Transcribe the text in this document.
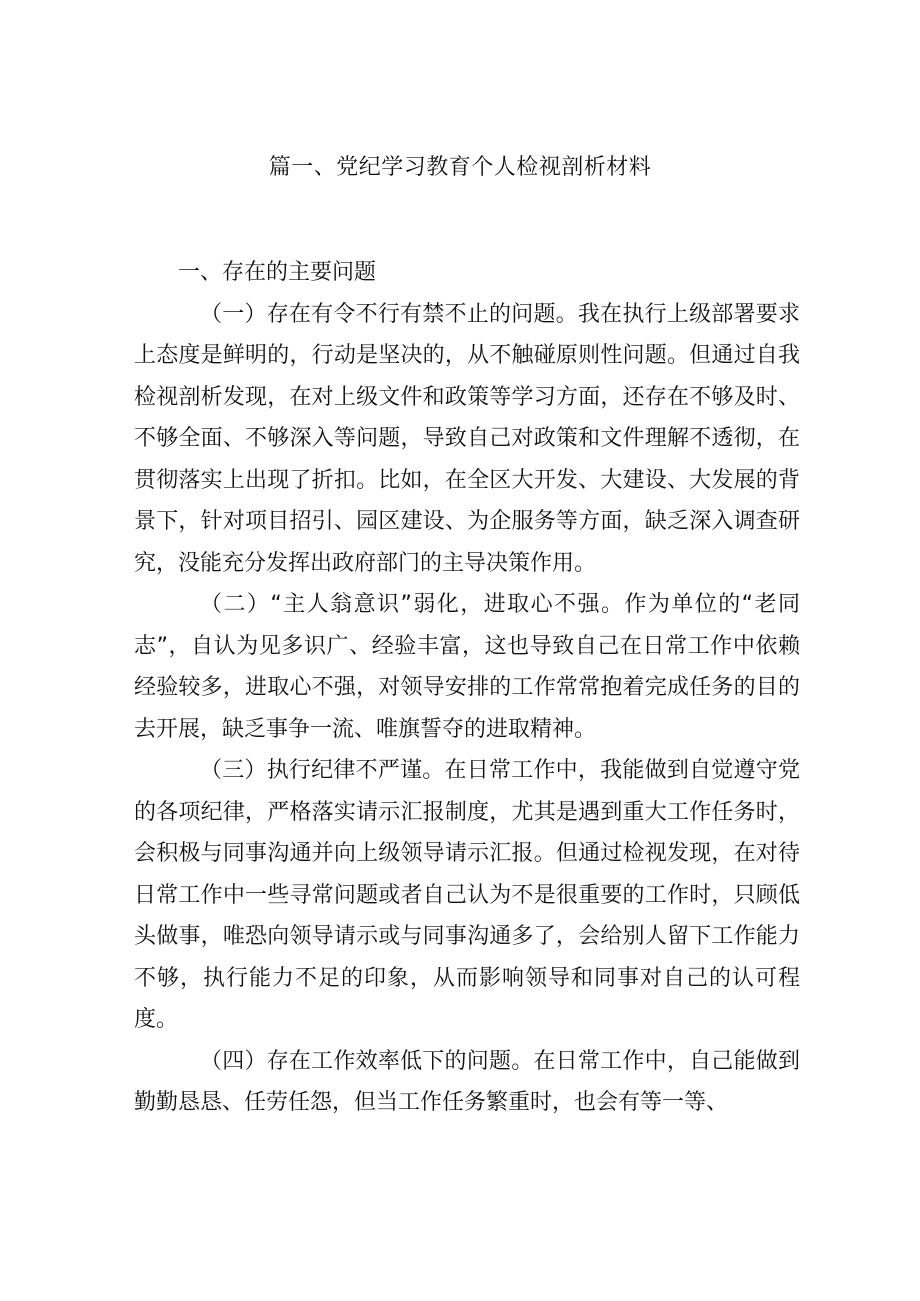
篇一、党纪学习教育个人检视剖析材料

一、存在的主要问题

（一）存在有令不行有禁不止的问题。我在执行上级部署要求上态度是鲜明的，行动是坚决的，从不触碰原则性问题。但通过自我检视剖析发现，在对上级文件和政策等学习方面，还存在不够及时、不够全面、不够深入等问题，导致自己对政策和文件理解不透彻，在贯彻落实上出现了折扣。比如，在全区大开发、大建设、大发展的背景下，针对项目招引、园区建设、为企服务等方面，缺乏深入调查研究，没能充分发挥出政府部门的主导决策作用。

（二）“主人翁意识”弱化，进取心不强。作为单位的“老同志”，自认为见多识广、经验丰富，这也导致自己在日常工作中依赖经验较多，进取心不强，对领导安排的工作常常抱着完成任务的目的去开展，缺乏事争一流、唯旗誓夺的进取精神。

（三）执行纪律不严谨。在日常工作中，我能做到自觉遵守党的各项纪律，严格落实请示汇报制度，尤其是遇到重大工作任务时，会积极与同事沟通并向上级领导请示汇报。但通过检视发现，在对待日常工作中一些寻常问题或者自己认为不是很重要的工作时，只顾低头做事，唯恐向领导请示或与同事沟通多了，会给别人留下工作能力不够，执行能力不足的印象，从而影响领导和同事对自己的认可程度。

（四）存在工作效率低下的问题。在日常工作中，自己能做到勤勤恳恳、任劳任怨，但当工作任务繁重时，也会有等一等、
